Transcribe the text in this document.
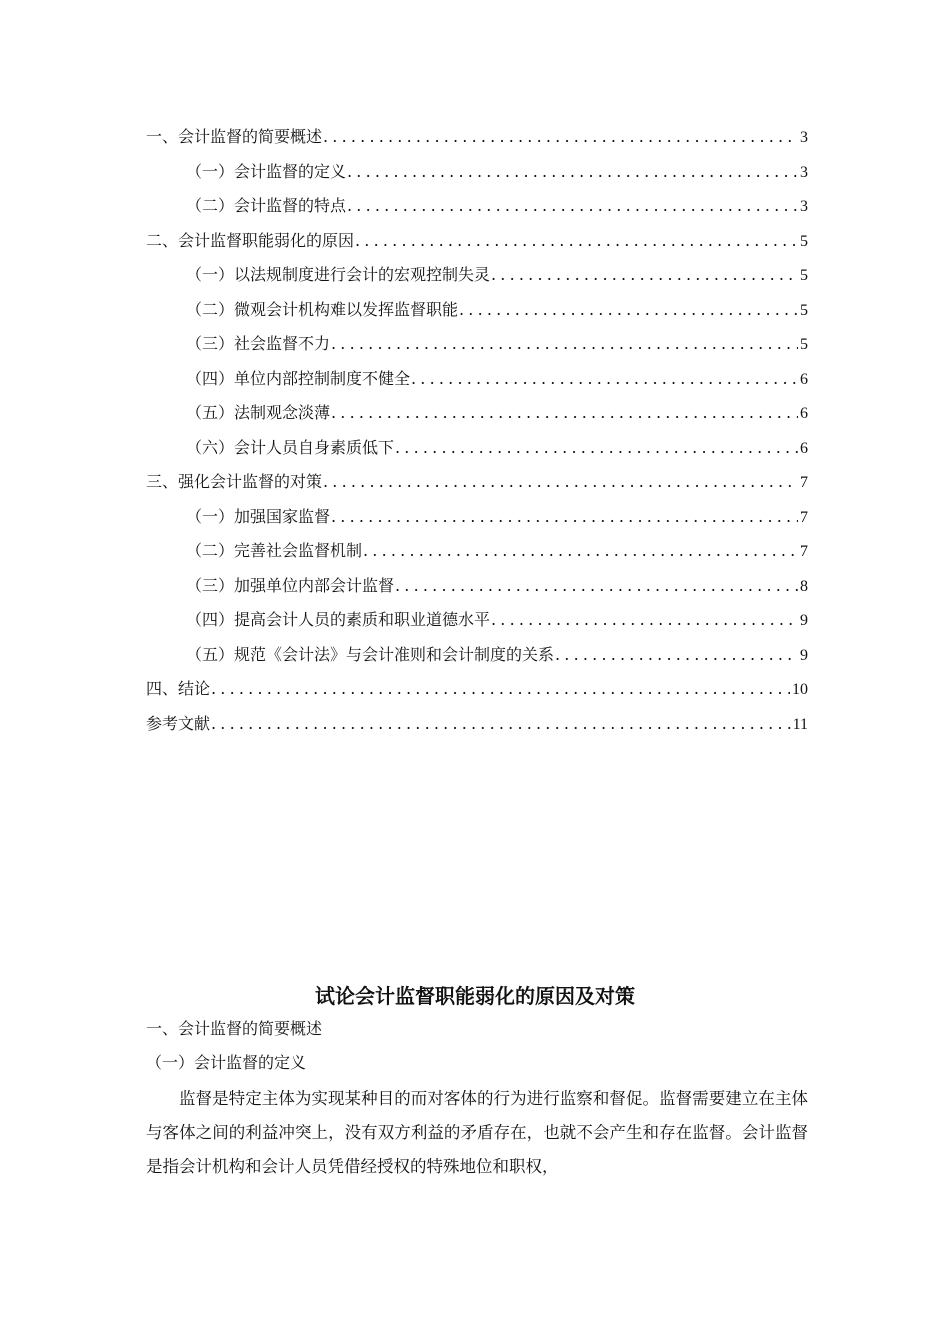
一、会计监督的简要概述 .....	3
（一）会计监督的定义 .....	3
（二）会计监督的特点 .....	3
二、会计监督职能弱化的原因 .....	5
（一）以法规制度进行会计的宏观控制失灵 .....	5
（二）微观会计机构难以发挥监督职能 .....	5
（三）社会监督不力 .....	5
（四）单位内部控制制度不健全 .....	6
（五）法制观念淡薄 .....	6
（六）会计人员自身素质低下 .....	6
三、强化会计监督的对策 .....	7
（一）加强国家监督 .....	7
（二）完善社会监督机制 .....	7
（三）加强单位内部会计监督 .....	8
（四）提高会计人员的素质和职业道德水平 .....	9
（五）规范《会计法》与会计准则和会计制度的关系 .....	9
四、结论 .....	10
参考文献 .....	11
试论会计监督职能弱化的原因及对策
一、会计监督的简要概述
（一）会计监督的定义

监督是特定主体为实现某种目的而对客体的行为进行监察和督促。监督需要建立在主体与客体之间的利益冲突上，没有双方利益的矛盾存在，也就不会产生和存在监督。会计监督是指会计机构和会计人员凭借经授权的特殊地位和职权，
